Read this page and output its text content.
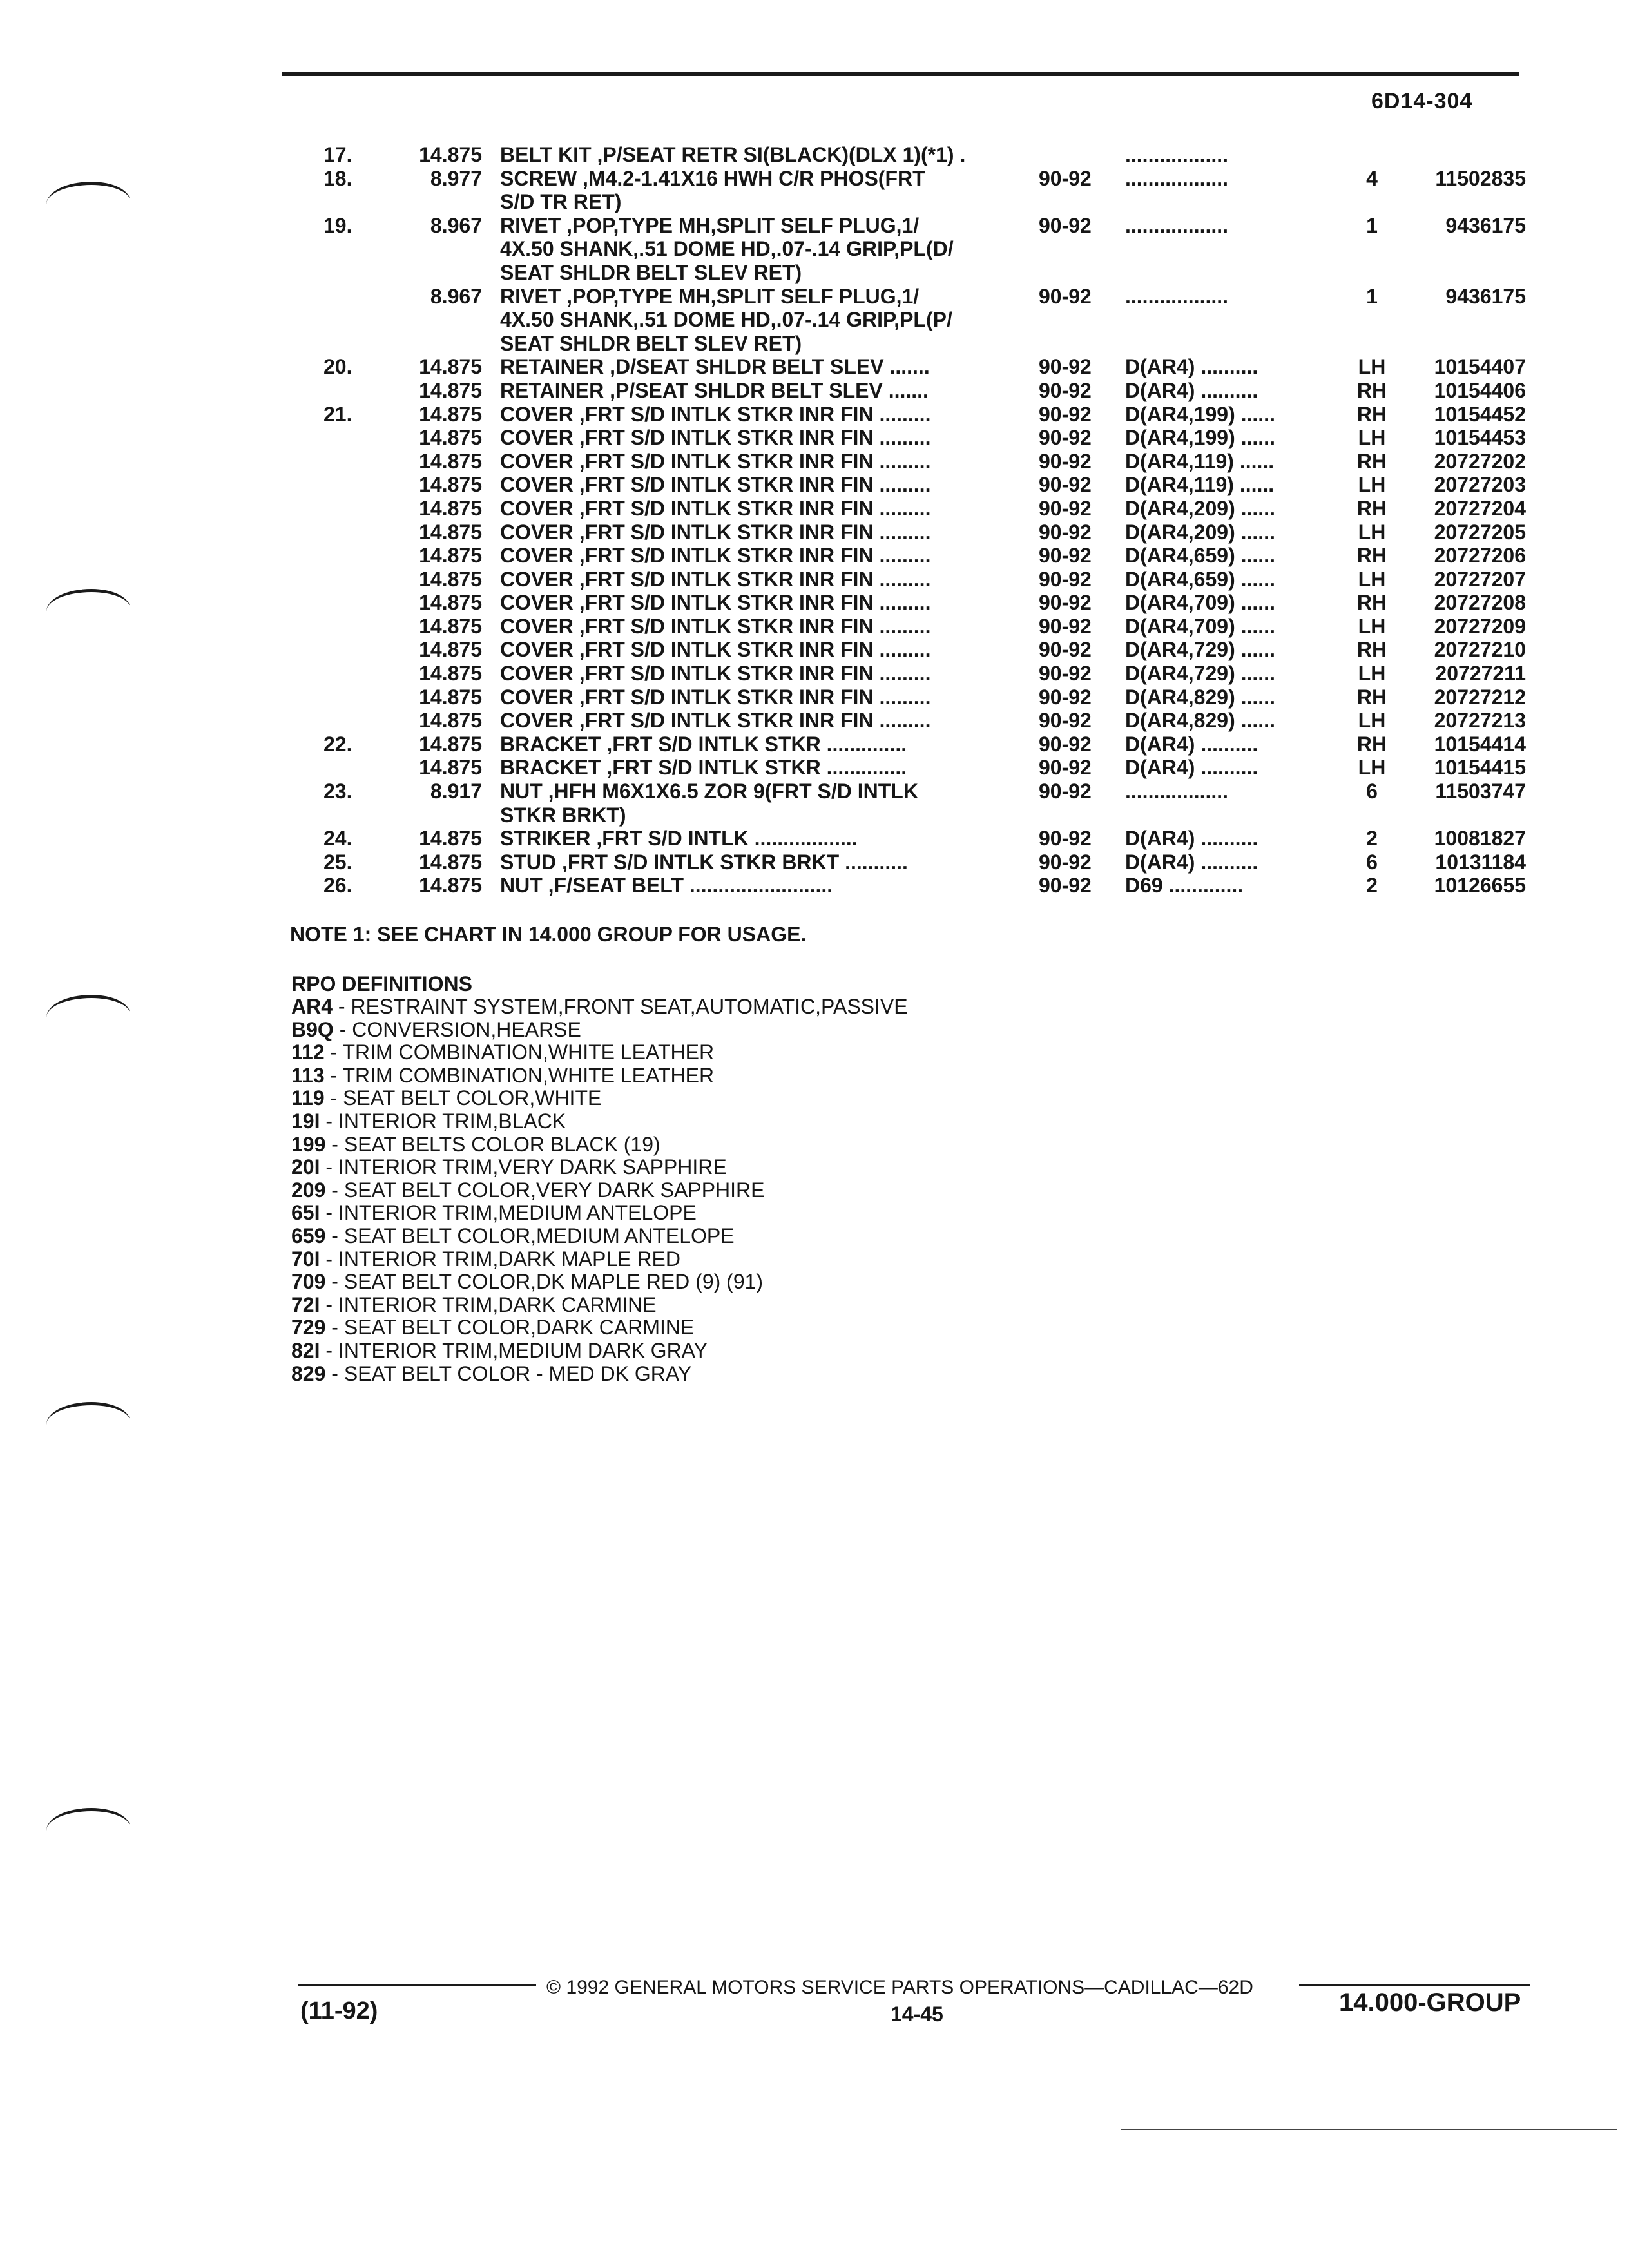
6D14-304
17.	14.875 BELT KIT ,P/SEAT RETR SI(BLACK)(DLX 1)(*1) .	..................
18.	8.977 SCREW ,M4.2-1.41X16 HWH C/R PHOS(FRT	90-92	..................	4	11502835
S/D TR RET)
19.	8.967 RIVET ,POP,TYPE MH,SPLIT SELF PLUG,1/	90-92	..................	1	9436175
4X.50 SHANK,.51 DOME HD,.07-.14 GRIP,PL(D/
SEAT SHLDR BELT SLEV RET)
8.967 RIVET ,POP,TYPE MH,SPLIT SELF PLUG,1/	90-92	..................	1	9436175
4X.50 SHANK,.51 DOME HD,.07-.14 GRIP,PL(P/
SEAT SHLDR BELT SLEV RET)
20.	14.875 RETAINER ,D/SEAT SHLDR BELT SLEV .......	90-92	D(AR4) ..........	LH	10154407
14.875 RETAINER ,P/SEAT SHLDR BELT SLEV .......	90-92	D(AR4) ..........	RH	10154406
21.	14.875 COVER ,FRT S/D INTLK STKR INR FIN .........	90-92	D(AR4,199) ......	RH	10154452
14.875 COVER ,FRT S/D INTLK STKR INR FIN .........	90-92	D(AR4,199) ......	LH	10154453
14.875 COVER ,FRT S/D INTLK STKR INR FIN .........	90-92	D(AR4,119) ......	RH	20727202
14.875 COVER ,FRT S/D INTLK STKR INR FIN .........	90-92	D(AR4,119) ......	LH	20727203
14.875 COVER ,FRT S/D INTLK STKR INR FIN .........	90-92	D(AR4,209) ......	RH	20727204
14.875 COVER ,FRT S/D INTLK STKR INR FIN .........	90-92	D(AR4,209) ......	LH	20727205
14.875 COVER ,FRT S/D INTLK STKR INR FIN .........	90-92	D(AR4,659) ......	RH	20727206
14.875 COVER ,FRT S/D INTLK STKR INR FIN .........	90-92	D(AR4,659) ......	LH	20727207
14.875 COVER ,FRT S/D INTLK STKR INR FIN .........	90-92	D(AR4,709) ......	RH	20727208
14.875 COVER ,FRT S/D INTLK STKR INR FIN .........	90-92	D(AR4,709) ......	LH	20727209
14.875 COVER ,FRT S/D INTLK STKR INR FIN .........	90-92	D(AR4,729) ......	RH	20727210
14.875 COVER ,FRT S/D INTLK STKR INR FIN .........	90-92	D(AR4,729) ......	LH	20727211
14.875 COVER ,FRT S/D INTLK STKR INR FIN .........	90-92	D(AR4,829) ......	RH	20727212
14.875 COVER ,FRT S/D INTLK STKR INR FIN .........	90-92	D(AR4,829) ......	LH	20727213
22.	14.875 BRACKET ,FRT S/D INTLK STKR ..............	90-92	D(AR4) ..........	RH	10154414
14.875 BRACKET ,FRT S/D INTLK STKR ..............	90-92	D(AR4) ..........	LH	10154415
23.	8.917 NUT ,HFH M6X1X6.5 ZOR 9(FRT S/D INTLK	90-92	..................	6	11503747
STKR BRKT)
24.	14.875 STRIKER ,FRT S/D INTLK ..................	90-92	D(AR4) ..........	2	10081827
25.	14.875 STUD ,FRT S/D INTLK STKR BRKT ...........	90-92	D(AR4) ..........	6	10131184
26.	14.875 NUT ,F/SEAT BELT .........................	90-92	D69 .............	2	10126655
NOTE 1: SEE CHART IN 14.000 GROUP FOR USAGE.
RPO DEFINITIONS
AR4 - RESTRAINT SYSTEM,FRONT SEAT,AUTOMATIC,PASSIVE
B9Q - CONVERSION,HEARSE
112 - TRIM COMBINATION,WHITE LEATHER
113 - TRIM COMBINATION,WHITE LEATHER
119 - SEAT BELT COLOR,WHITE
19I - INTERIOR TRIM,BLACK
199 - SEAT BELTS COLOR BLACK (19)
20I - INTERIOR TRIM,VERY DARK SAPPHIRE
209 - SEAT BELT COLOR,VERY DARK SAPPHIRE
65I - INTERIOR TRIM,MEDIUM ANTELOPE
659 - SEAT BELT COLOR,MEDIUM ANTELOPE
70I - INTERIOR TRIM,DARK MAPLE RED
709 - SEAT BELT COLOR,DK MAPLE RED (9) (91)
72I - INTERIOR TRIM,DARK CARMINE
729 - SEAT BELT COLOR,DARK CARMINE
82I - INTERIOR TRIM,MEDIUM DARK GRAY
829 - SEAT BELT COLOR - MED DK GRAY
© 1992 GENERAL MOTORS SERVICE PARTS OPERATIONS—CADILLAC—62D
14-45
(11-92)	14.000-GROUP
